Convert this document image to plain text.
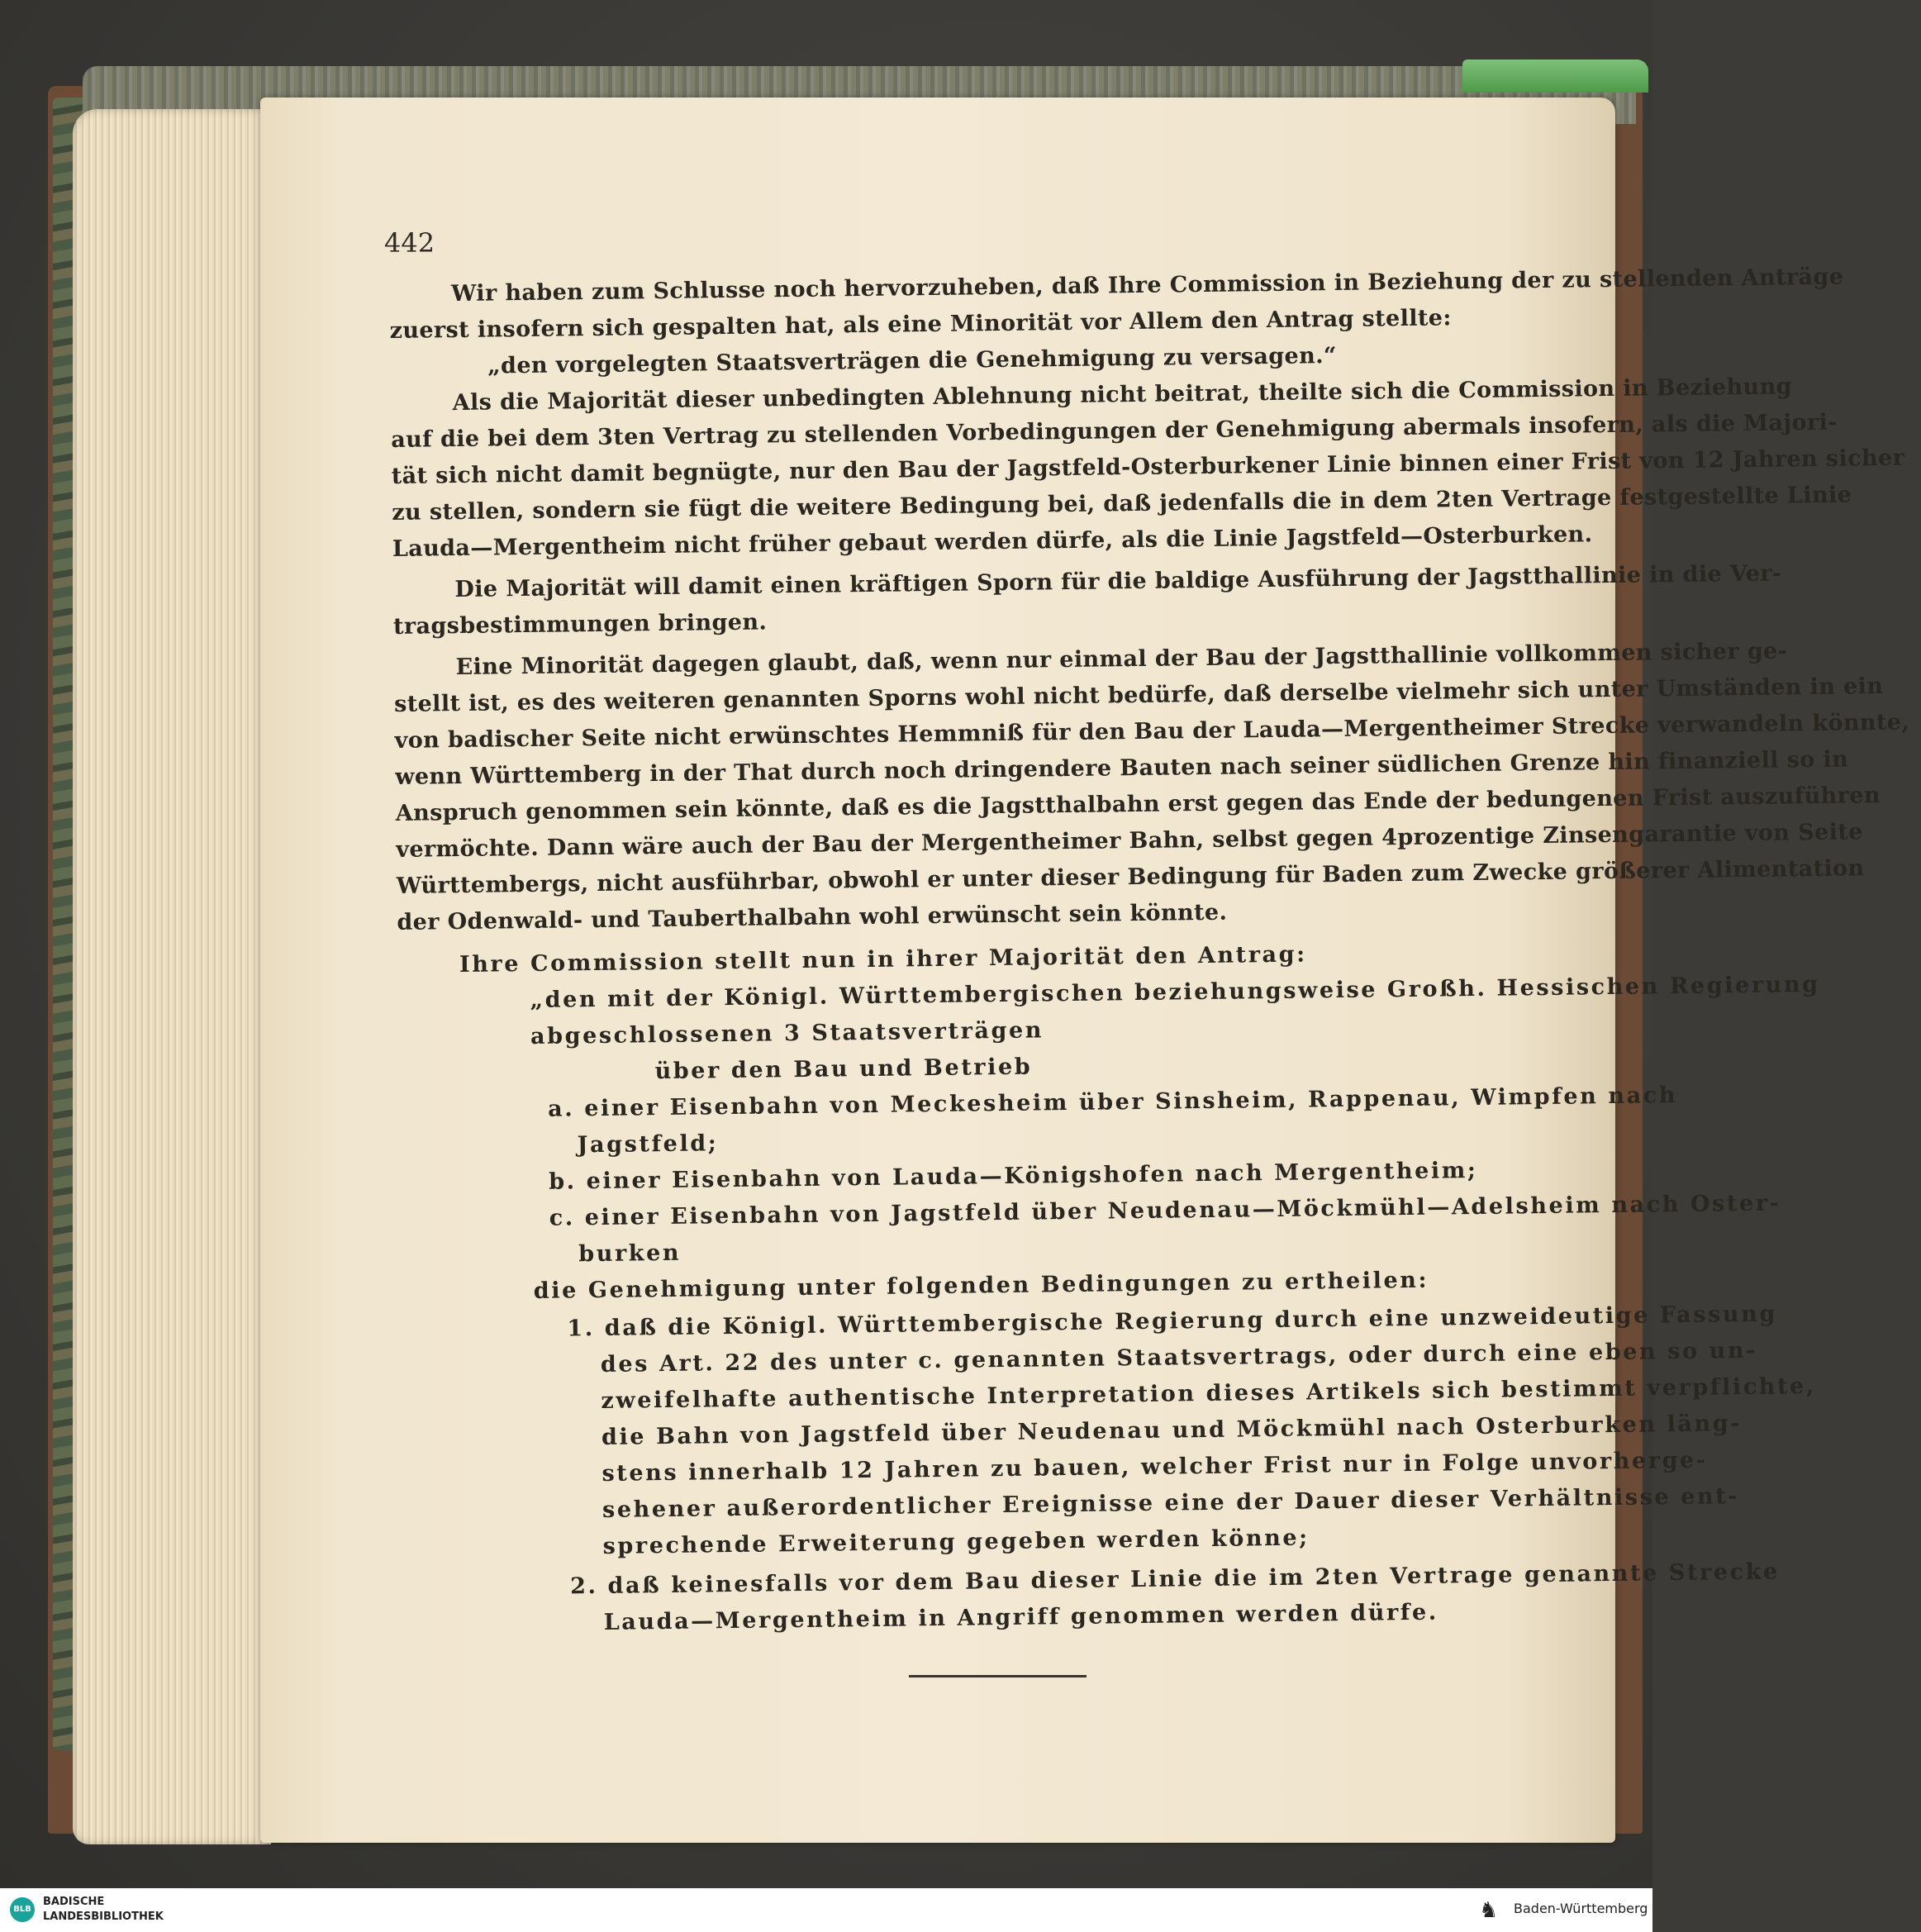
442
Wir haben zum Schlusse noch hervorzuheben, daß Ihre Commission in Beziehung der zu stellenden Anträge
zuerst insofern sich gespalten hat, als eine Minorität vor Allem den Antrag stellte:
„den vorgelegten Staatsverträgen die Genehmigung zu versagen.“
Als die Majorität dieser unbedingten Ablehnung nicht beitrat, theilte sich die Commission in Beziehung
auf die bei dem 3ten Vertrag zu stellenden Vorbedingungen der Genehmigung abermals insofern, als die Majori-
tät sich nicht damit begnügte, nur den Bau der Jagstfeld-Osterburkener Linie binnen einer Frist von 12 Jahren sicher
zu stellen, sondern sie fügt die weitere Bedingung bei, daß jedenfalls die in dem 2ten Vertrage festgestellte Linie
Lauda—Mergentheim nicht früher gebaut werden dürfe, als die Linie Jagstfeld—Osterburken.
Die Majorität will damit einen kräftigen Sporn für die baldige Ausführung der Jagstthallinie in die Ver-
tragsbestimmungen bringen.
Eine Minorität dagegen glaubt, daß, wenn nur einmal der Bau der Jagstthallinie vollkommen sicher ge-
stellt ist, es des weiteren genannten Sporns wohl nicht bedürfe, daß derselbe vielmehr sich unter Umständen in ein
von badischer Seite nicht erwünschtes Hemmniß für den Bau der Lauda—Mergentheimer Strecke verwandeln könnte,
wenn Württemberg in der That durch noch dringendere Bauten nach seiner südlichen Grenze hin finanziell so in
Anspruch genommen sein könnte, daß es die Jagstthalbahn erst gegen das Ende der bedungenen Frist auszuführen
vermöchte. Dann wäre auch der Bau der Mergentheimer Bahn, selbst gegen 4prozentige Zinsengarantie von Seite
Württembergs, nicht ausführbar, obwohl er unter dieser Bedingung für Baden zum Zwecke größerer Alimentation
der Odenwald- und Tauberthalbahn wohl erwünscht sein könnte.
Ihre Commission stellt nun in ihrer Majorität den Antrag:
„den mit der Königl. Württembergischen beziehungsweise Großh. Hessischen Regierung
abgeschlossenen 3 Staatsverträgen
über den Bau und Betrieb
a. einer Eisenbahn von Meckesheim über Sinsheim, Rappenau, Wimpfen nach
Jagstfeld;
b. einer Eisenbahn von Lauda—Königshofen nach Mergentheim;
c. einer Eisenbahn von Jagstfeld über Neudenau—Möckmühl—Adelsheim nach Oster-
burken
die Genehmigung unter folgenden Bedingungen zu ertheilen:
1. daß die Königl. Württembergische Regierung durch eine unzweideutige Fassung
des Art. 22 des unter c. genannten Staatsvertrags, oder durch eine eben so un-
zweifelhafte authentische Interpretation dieses Artikels sich bestimmt verpflichte,
die Bahn von Jagstfeld über Neudenau und Möckmühl nach Osterburken läng-
stens innerhalb 12 Jahren zu bauen, welcher Frist nur in Folge unvorherge-
sehener außerordentlicher Ereignisse eine der Dauer dieser Verhältnisse ent-
sprechende Erweiterung gegeben werden könne;
2. daß keinesfalls vor dem Bau dieser Linie die im 2ten Vertrage genannte Strecke
Lauda—Mergentheim in Angriff genommen werden dürfe.
BLB
BADISCHE
LANDESBIBLIOTHEK	♞	Baden-Württemberg
